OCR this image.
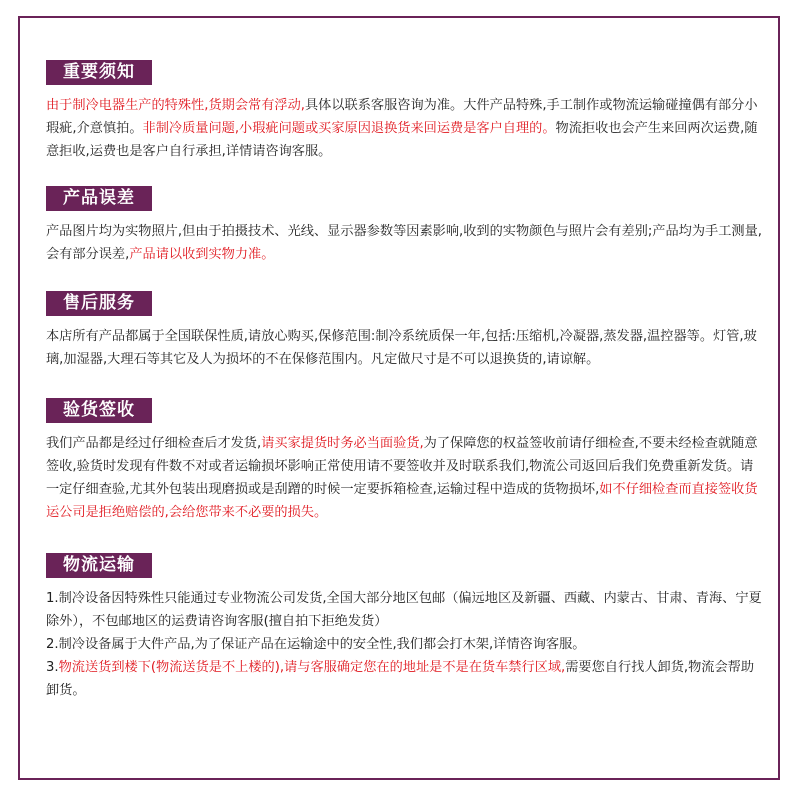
重要须知

由于制冷电器生产的特殊性,货期会常有浮动,具体以联系客服咨询为准。大件产品特殊,手工制作或物流运输碰撞偶有部分小瑕疵,介意慎拍。非制冷质量问题,小瑕疵问题或买家原因退换货来回运费是客户自理的。物流拒收也会产生来回两次运费,随意拒收,运费也是客户自行承担,详情请咨询客服。

产品误差

产品图片均为实物照片,但由于拍摄技术、光线、显示器参数等因素影响,收到的实物颜色与照片会有差别;产品均为手工测量,会有部分误差,产品请以收到实物力准。

售后服务

本店所有产品都属于全国联保性质,请放心购买,保修范围:制冷系统质保一年,包括:压缩机,冷凝器,蒸发器,温控器等。灯管,玻璃,加湿器,大理石等其它及人为损坏的不在保修范围内。凡定做尺寸是不可以退换货的,请谅解。

验货签收

我们产品都是经过仔细检查后才发货,请买家提货时务必当面验货,为了保障您的权益签收前请仔细检查,不要未经检查就随意签收,验货时发现有件数不对或者运输损坏影响正常使用请不要签收并及时联系我们,物流公司返回后我们免费重新发货。请一定仔细查验,尤其外包装出现磨损或是刮蹭的时候一定要拆箱检查,运输过程中造成的货物损坏,如不仔细检查而直接签收货运公司是拒绝赔偿的,会给您带来不必要的损失。

物流运输

1.制冷设备因特殊性只能通过专业物流公司发货,全国大部分地区包邮（偏远地区及新疆、西藏、内蒙古、甘肃、青海、宁夏除外），不包邮地区的运费请咨询客服(擅自拍下拒绝发货）

2.制冷设备属于大件产品,为了保证产品在运输途中的安全性,我们都会打木架,详情咨询客服。

3.物流送货到楼下(物流送货是不上楼的),请与客服确定您在的地址是不是在货车禁行区域,需要您自行找人卸货,物流会帮助卸货。
